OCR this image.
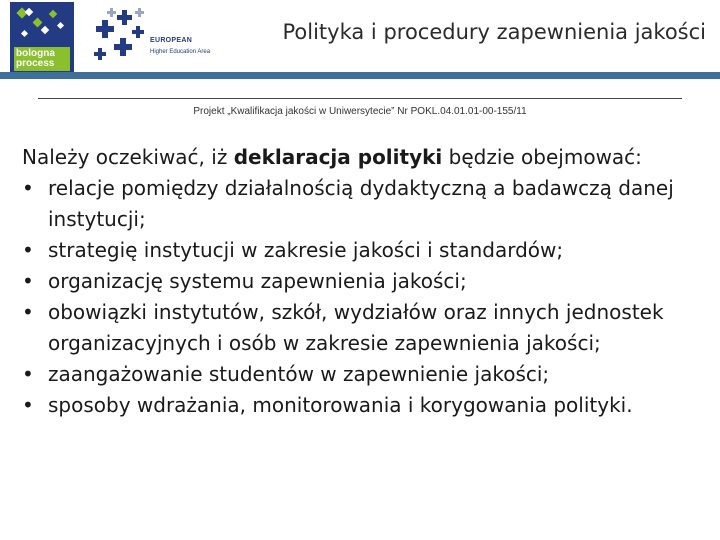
bologna
process
EUROPEAN
Higher Education Area
Polityka i procedury zapewnienia jakości
Projekt „Kwalifikacja jakości w Uniwersytecie” Nr POKL.04.01.01-00-155/11

Należy oczekiwać, iż deklaracja polityki będzie obejmować:

• relacje pomiędzy działalnością dydaktyczną a badawczą danej instytucji;
• strategię instytucji w zakresie jakości i standardów;
• organizację systemu zapewnienia jakości;
• obowiązki instytutów, szkół, wydziałów oraz innych jednostek organizacyjnych i osób w zakresie zapewnienia jakości;
• zaangażowanie studentów w zapewnienie jakości;
• sposoby wdrażania, monitorowania i korygowania polityki.
